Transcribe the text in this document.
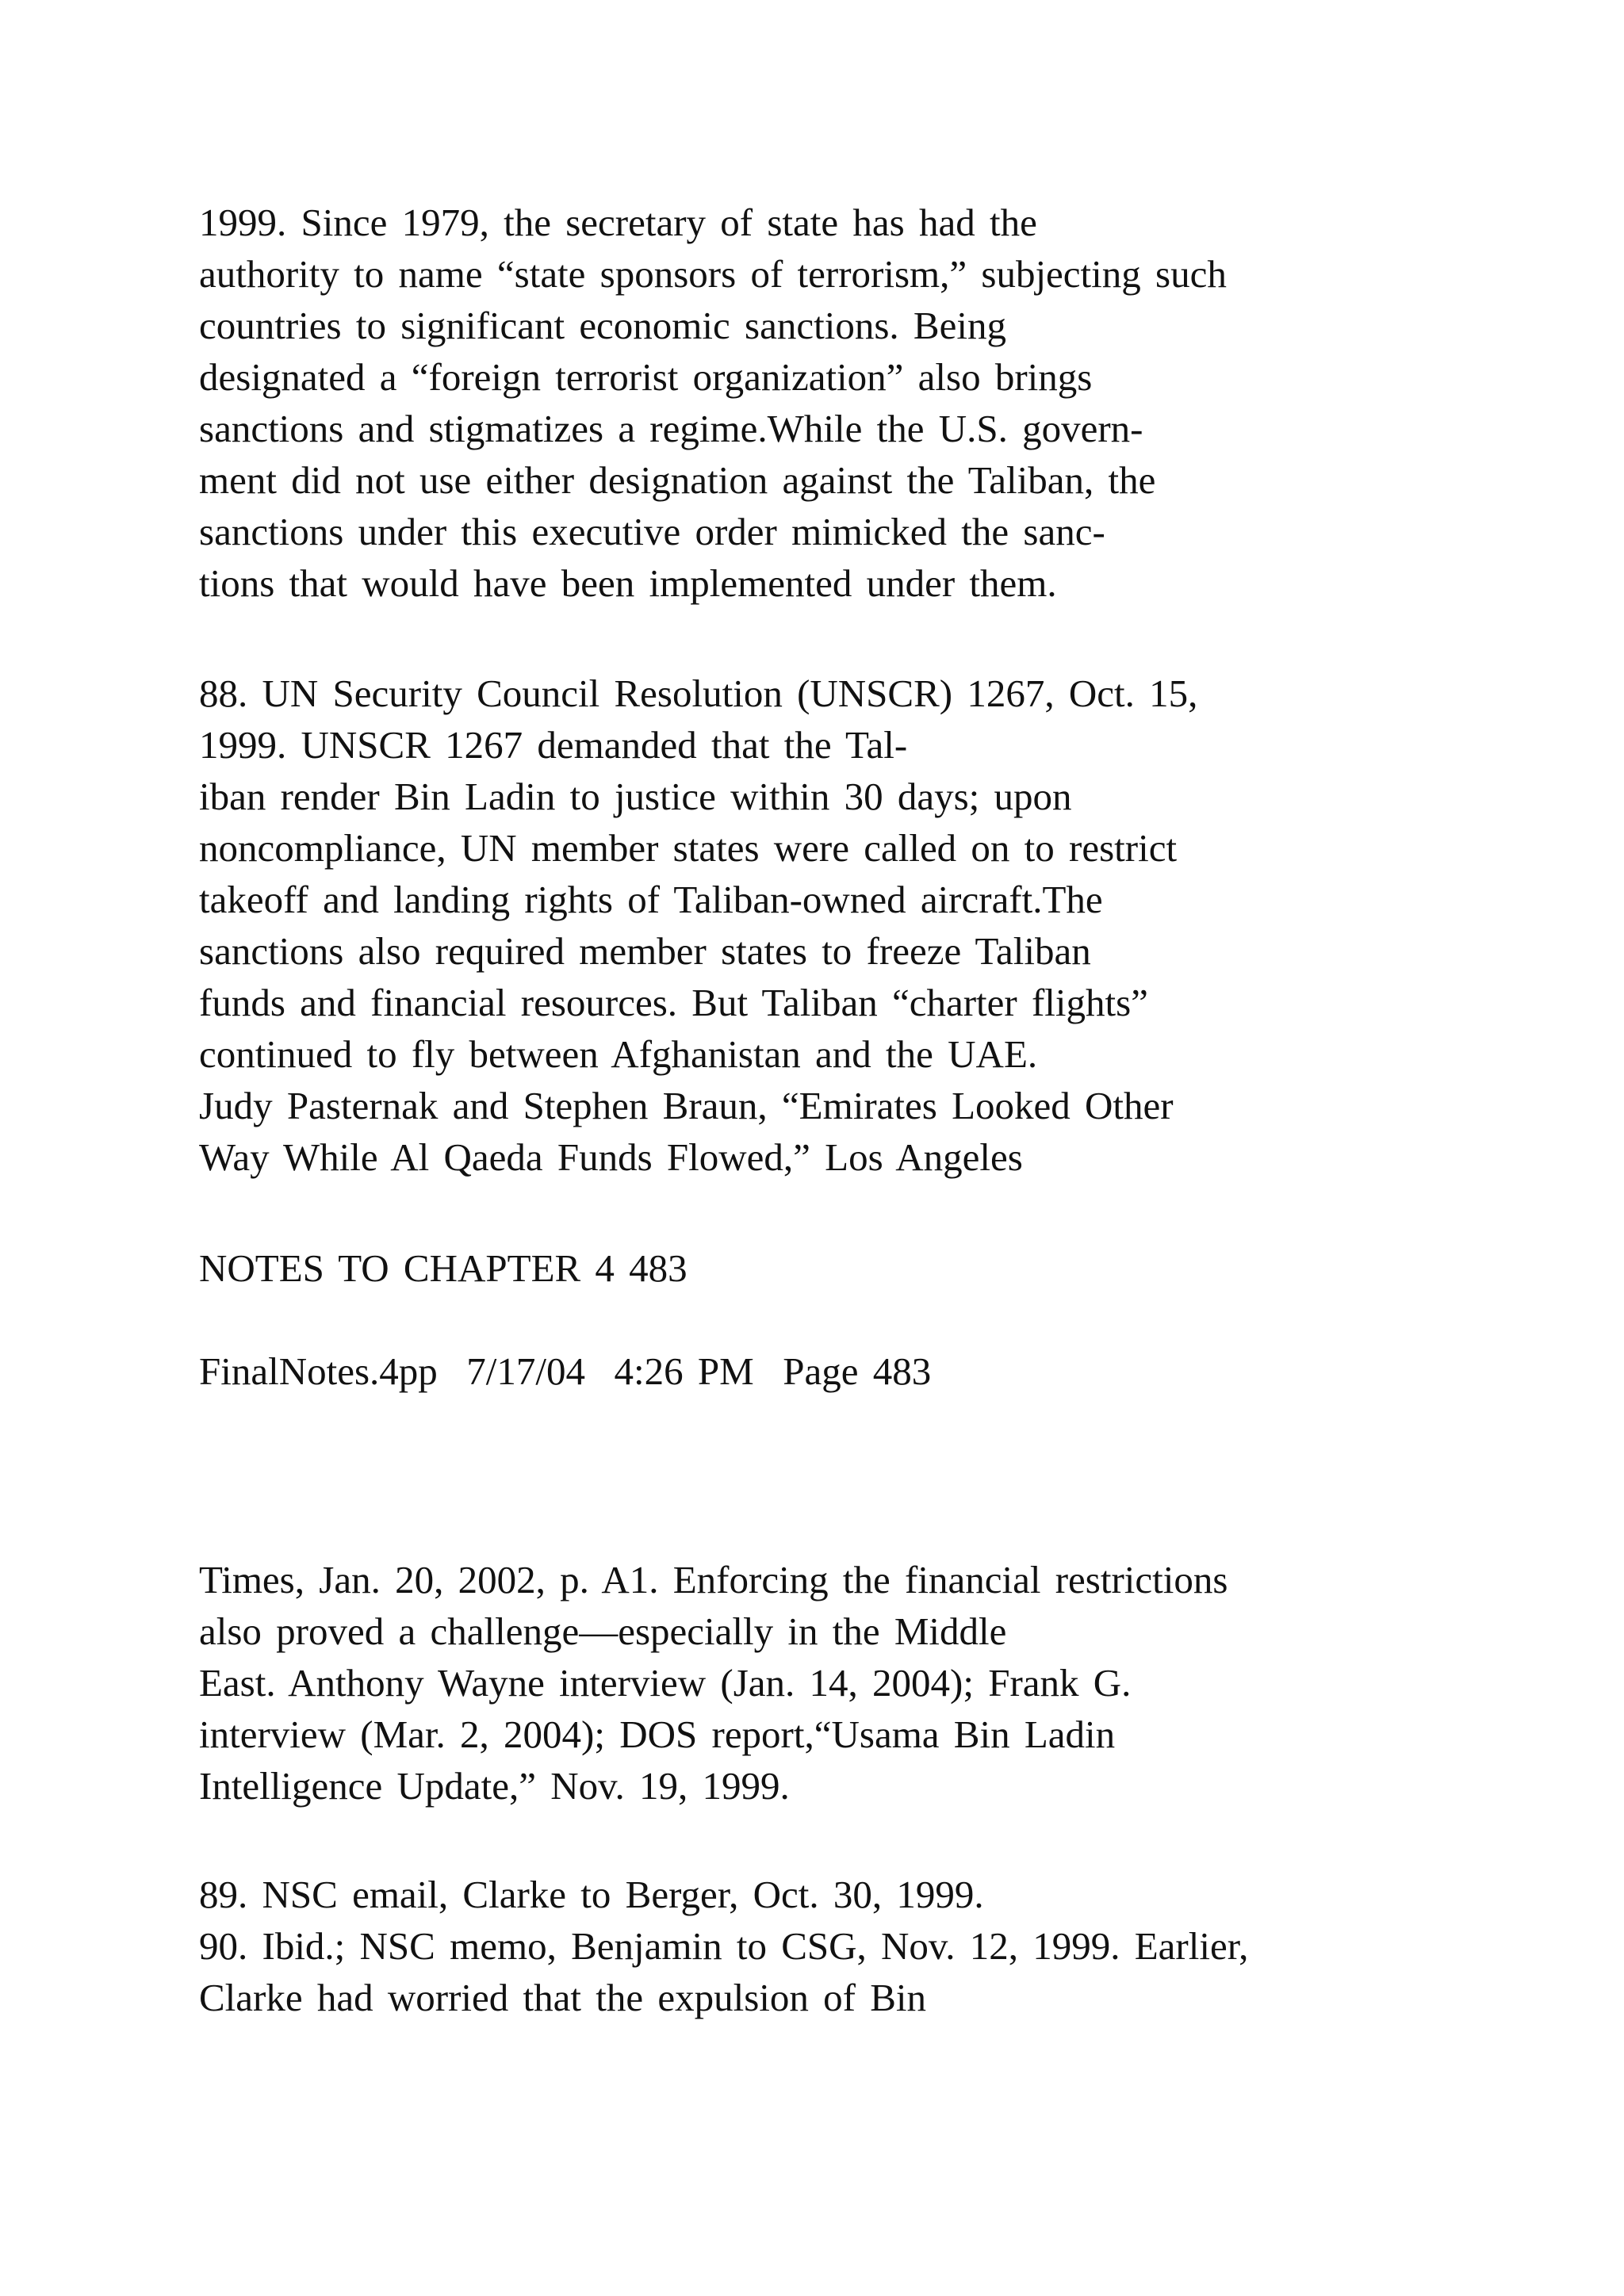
1999. Since 1979, the secretary of state has had the
authority to name “state sponsors of terrorism,” subjecting such
countries to significant economic sanctions. Being
designated a “foreign terrorist organization” also brings
sanctions and stigmatizes a regime.While the U.S. govern-
ment did not use either designation against the Taliban, the
sanctions under this executive order mimicked the sanc-
tions that would have been implemented under them.
88. UN Security Council Resolution (UNSCR) 1267, Oct. 15,
1999. UNSCR 1267 demanded that the Tal-
iban render Bin Ladin to justice within 30 days; upon
noncompliance, UN member states were called on to restrict
takeoff and landing rights of Taliban-owned aircraft.The
sanctions also required member states to freeze Taliban
funds and financial resources. But Taliban “charter flights”
continued to fly between Afghanistan and the UAE.
Judy Pasternak and Stephen Braun, “Emirates Looked Other
Way While Al Qaeda Funds Flowed,” Los Angeles
NOTES TO CHAPTER 4 483
FinalNotes.4pp  7/17/04  4:26 PM  Page 483
Times, Jan. 20, 2002, p. A1. Enforcing the financial restrictions
also proved a challenge—especially in the Middle
East. Anthony Wayne interview (Jan. 14, 2004); Frank G.
interview (Mar. 2, 2004); DOS report,“Usama Bin Ladin
Intelligence Update,” Nov. 19, 1999.
89. NSC email, Clarke to Berger, Oct. 30, 1999.
90. Ibid.; NSC memo, Benjamin to CSG, Nov. 12, 1999. Earlier,
Clarke had worried that the expulsion of Bin
